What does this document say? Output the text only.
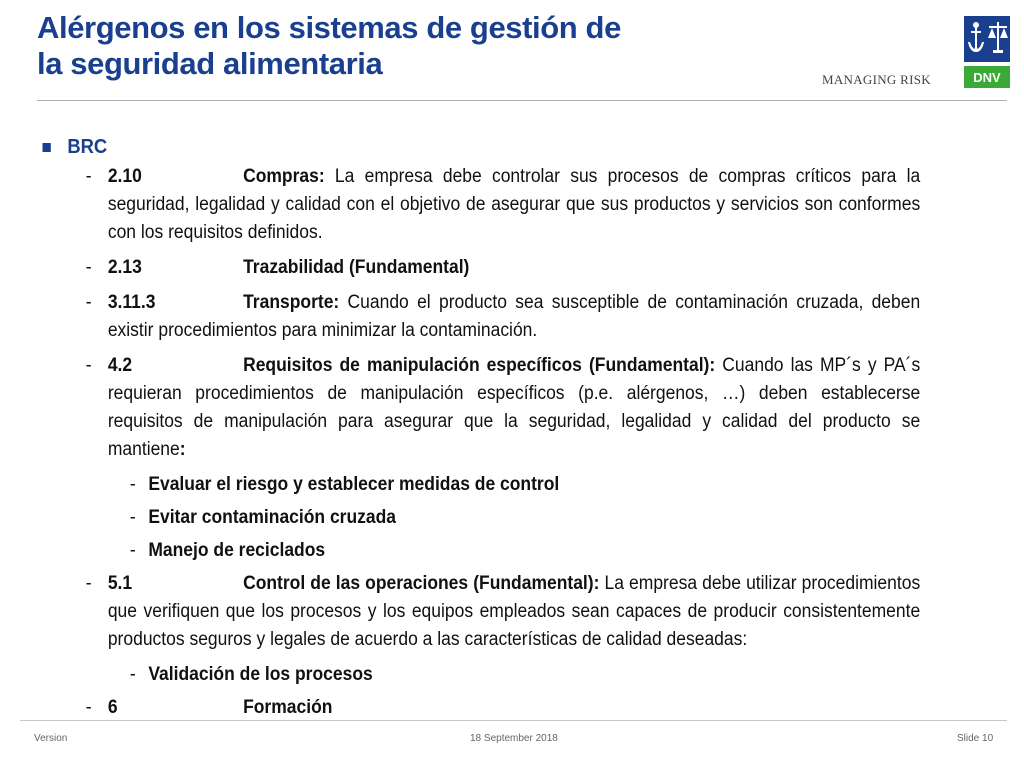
Alérgenos en los sistemas de gestión de
la seguridad alimentaria	MANAGING RISK	DNV
BRC
- 2.10	Compras: La empresa debe controlar sus procesos de compras críticos para la seguridad, legalidad y calidad con el objetivo de asegurar que sus productos y servicios son conformes con los requisitos definidos.
- 2.13	Trazabilidad (Fundamental)
- 3.11.3	Transporte: Cuando el producto sea susceptible de contaminación cruzada, deben existir procedimientos para minimizar la contaminación.
- 4.2	Requisitos de manipulación específicos (Fundamental): Cuando las MP´s y PA´s requieran procedimientos de manipulación específicos (p.e. alérgenos, …) deben establecerse requisitos de manipulación para asegurar que la seguridad, legalidad y calidad del producto se mantiene:
- Evaluar el riesgo y establecer medidas de control
- Evitar contaminación cruzada
- Manejo de reciclados
- 5.1	Control de las operaciones (Fundamental): La empresa debe utilizar procedimientos que verifiquen que los procesos y los equipos empleados sean capaces de producir consistentemente productos seguros y legales de acuerdo a las características de calidad deseadas:
- Validación de los procesos
- 6	Formación
Version	18 September 2018	Slide 10
